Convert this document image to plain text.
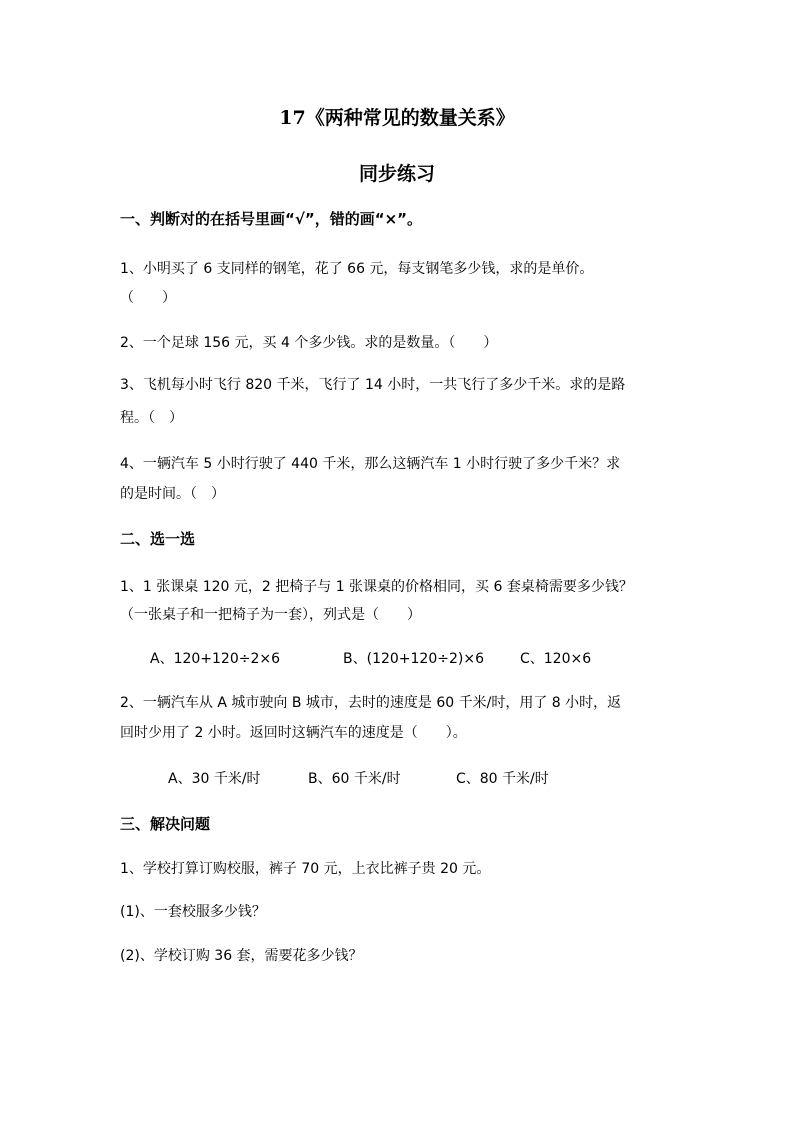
17《两种常见的数量关系》
同步练习
一、判断对的在括号里画“√”，错的画“×”。
1、小明买了 6 支同样的钢笔，花了 66 元，每支钢笔多少钱，求的是单价。
（　　）
2、一个足球 156 元，买 4 个多少钱。求的是数量。（　　）
3、飞机每小时飞行 820 千米，飞行了 14 小时，一共飞行了多少千米。求的是路
程。（　）
4、一辆汽车 5 小时行驶了 440 千米，那么这辆汽车 1 小时行驶了多少千米？求
的是时间。（　）
二、选一选
1、1 张课桌 120 元，2 把椅子与 1 张课桌的价格相同，买 6 套桌椅需要多少钱？
（一张桌子和一把椅子为一套），列式是（　　）
A、120+120÷2×6	B、(120+120÷2)×6	C、120×6
2、一辆汽车从 A 城市驶向 B 城市，去时的速度是 60 千米/时，用了 8 小时，返
回时少用了 2 小时。返回时这辆汽车的速度是（　　）。
A、30 千米/时	B、60 千米/时	C、80 千米/时
三、解决问题
1、学校打算订购校服，裤子 70 元，上衣比裤子贵 20 元。
(1)、一套校服多少钱？
(2)、学校订购 36 套，需要花多少钱？
